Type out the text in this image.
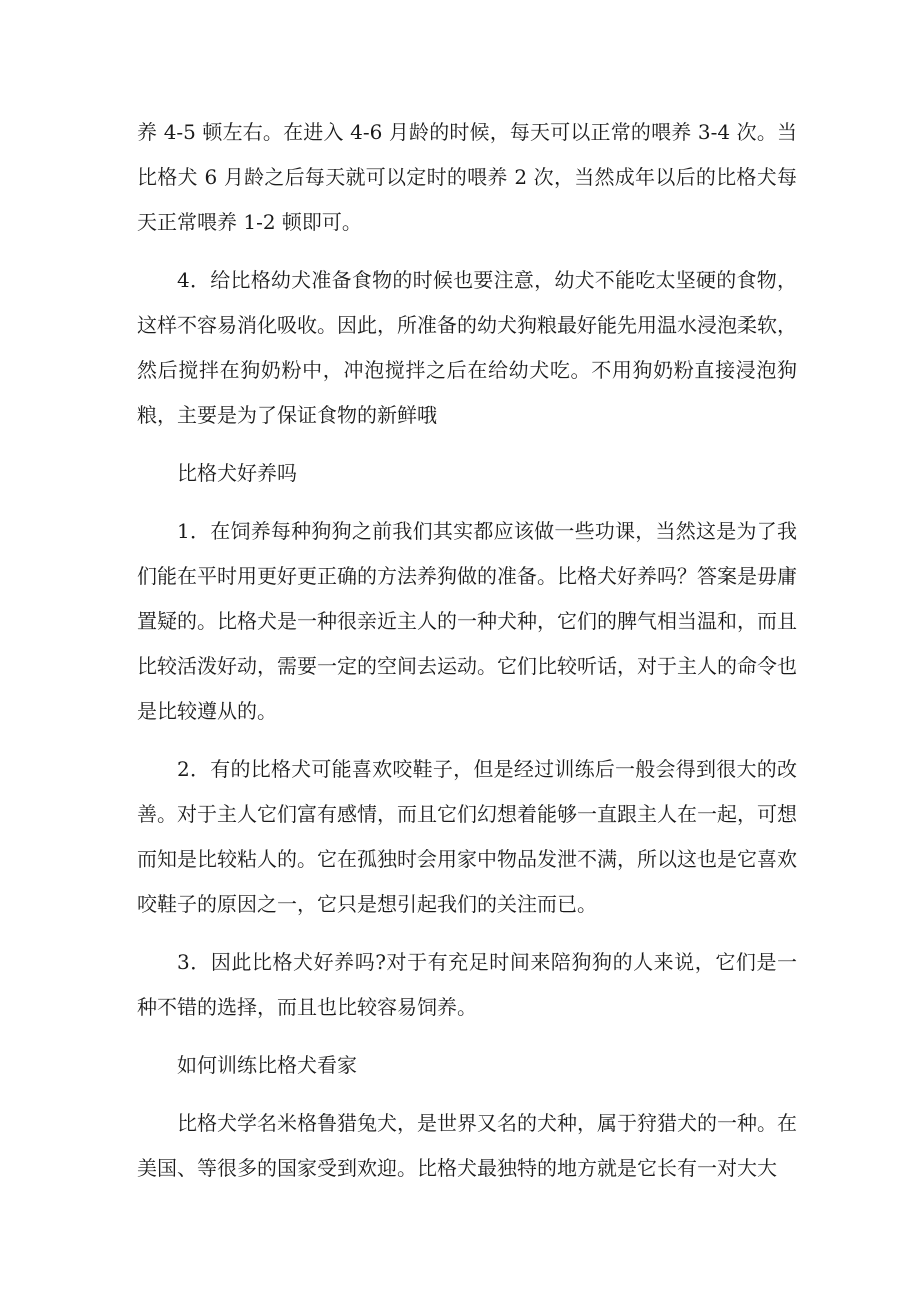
养 4-5 顿左右。在进入 4-6 月龄的时候，每天可以正常的喂养 3-4 次。当比格犬 6 月龄之后每天就可以定时的喂养 2 次，当然成年以后的比格犬每天正常喂养 1-2 顿即可。

4．给比格幼犬准备食物的时候也要注意，幼犬不能吃太坚硬的食物，这样不容易消化吸收。因此，所准备的幼犬狗粮最好能先用温水浸泡柔软，然后搅拌在狗奶粉中，冲泡搅拌之后在给幼犬吃。不用狗奶粉直接浸泡狗粮，主要是为了保证食物的新鲜哦

比格犬好养吗

1．在饲养每种狗狗之前我们其实都应该做一些功课，当然这是为了我们能在平时用更好更正确的方法养狗做的准备。比格犬好养吗？答案是毋庸置疑的。比格犬是一种很亲近主人的一种犬种，它们的脾气相当温和，而且比较活泼好动，需要一定的空间去运动。它们比较听话，对于主人的命令也是比较遵从的。

2．有的比格犬可能喜欢咬鞋子，但是经过训练后一般会得到很大的改善。对于主人它们富有感情，而且它们幻想着能够一直跟主人在一起，可想而知是比较粘人的。它在孤独时会用家中物品发泄不满，所以这也是它喜欢咬鞋子的原因之一，它只是想引起我们的关注而已。

3．因此比格犬好养吗?对于有充足时间来陪狗狗的人来说，它们是一种不错的选择，而且也比较容易饲养。

如何训练比格犬看家

比格犬学名米格鲁猎兔犬，是世界又名的犬种，属于狩猎犬的一种。在美国、等很多的国家受到欢迎。比格犬最独特的地方就是它长有一对大大
